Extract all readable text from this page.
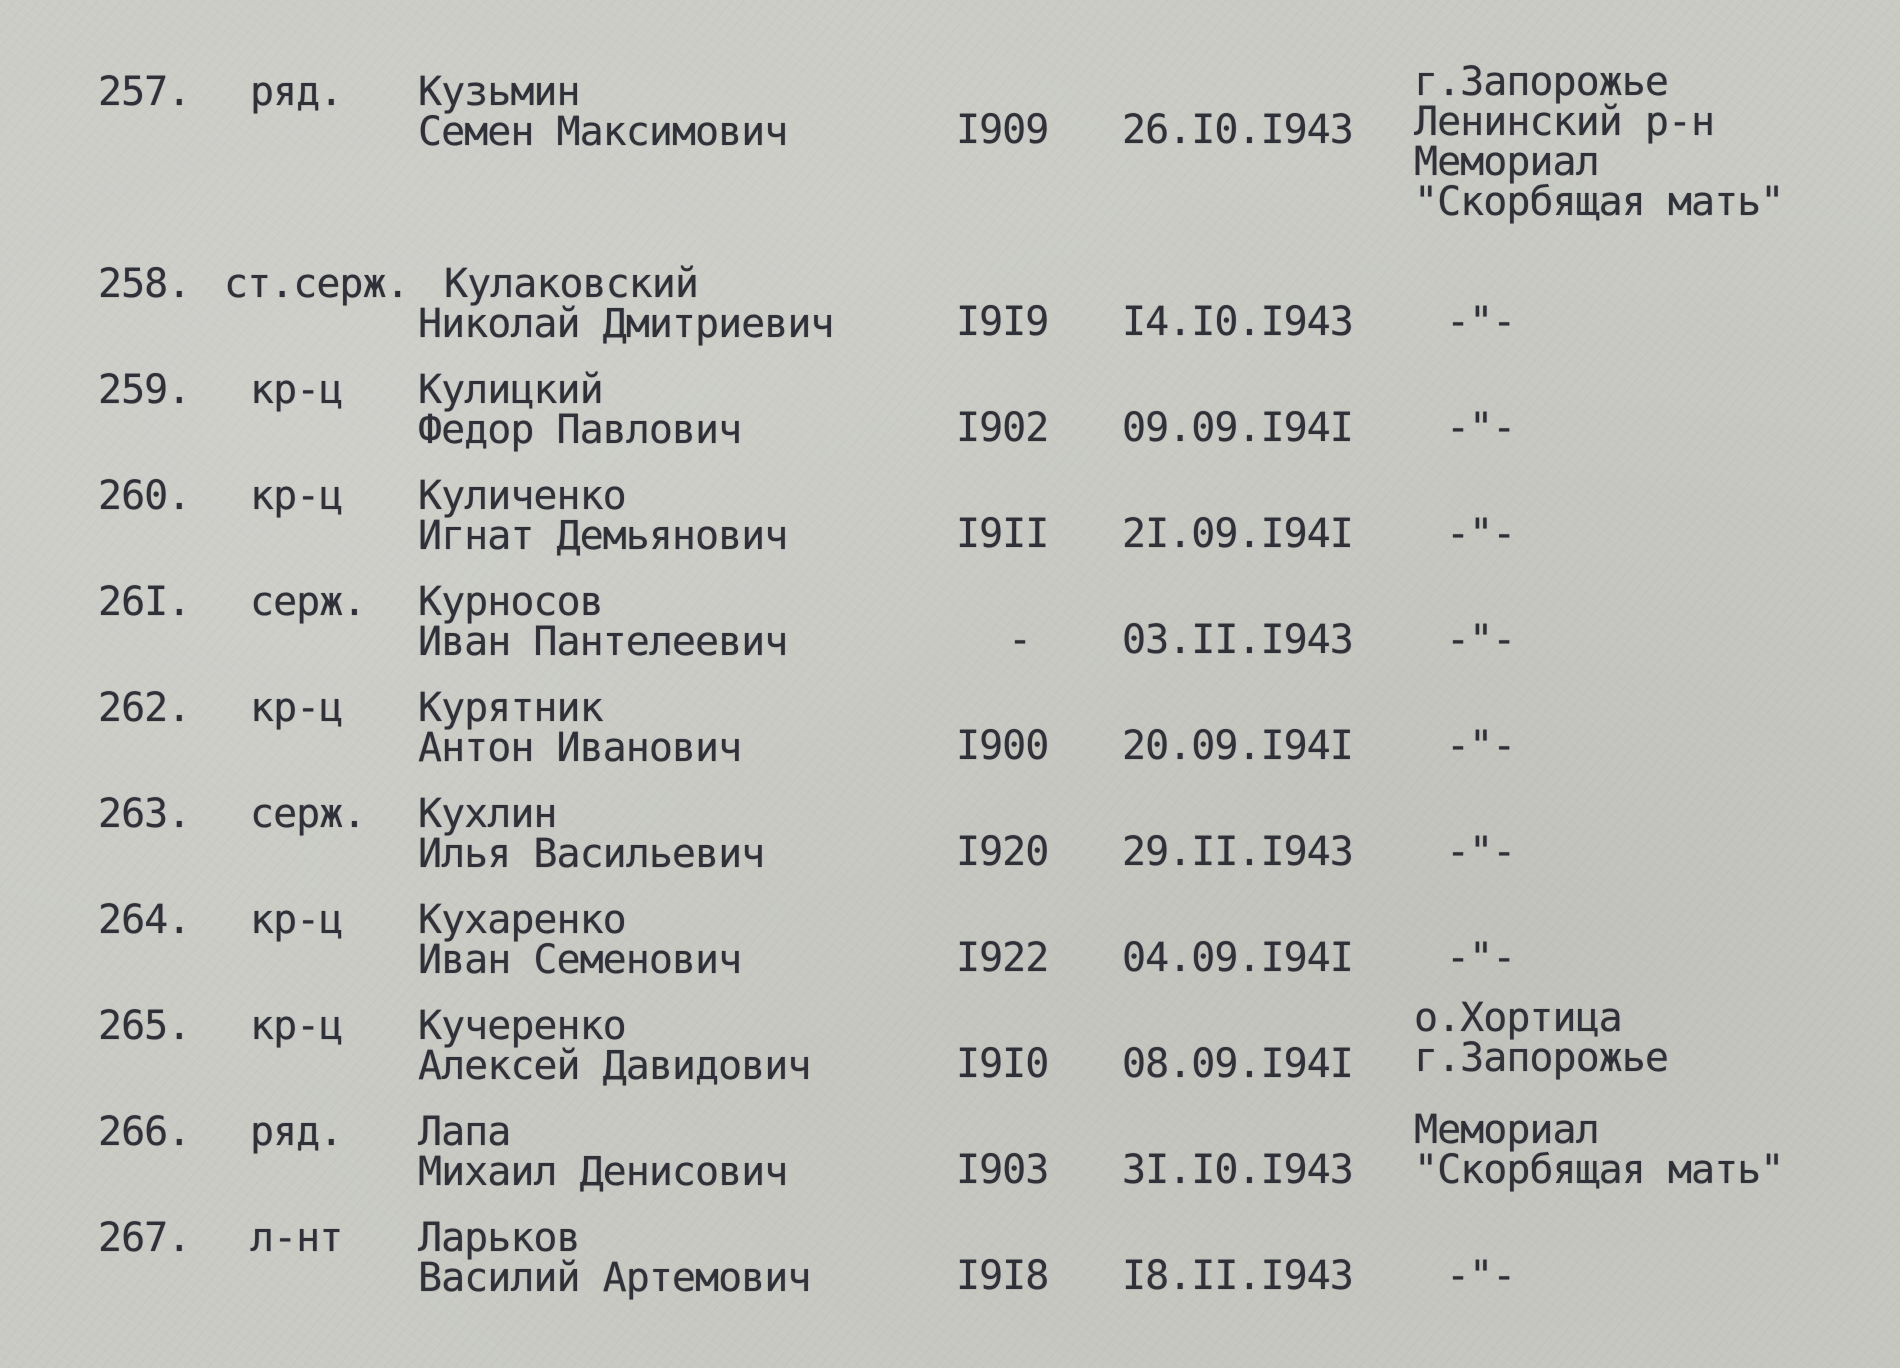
257. ряд. Кузьмин
Семен Максимович	I909 26.I0.I943
г.Запорожье
Ленинский р-н
Мемориал
"Скорбящая мать"
258. ст.серж. Кулаковский
Николай Дмитриевич	I9I9 I4.I0.I943 -"-
259. кр-ц Кулицкий
Федор Павлович	I902 09.09.I94I -"-
260. кр-ц Куличенко
Игнат Демьянович	I9II 2I.09.I94I -"-
26I. серж. Курносов
Иван Пантелеевич	- 03.II.I943 -"-
262. кр-ц Курятник
Антон Иванович	I900 20.09.I94I -"-
263. серж. Кухлин
Илья Васильевич	I920 29.II.I943 -"-
264. кр-ц Кухаренко
Иван Семенович	I922 04.09.I94I -"-
265. кр-ц Кучеренко
Алексей Давидович	I9I0 08.09.I94I
о.Хортица
г.Запорожье
266. ряд. Лапа
Михаил Денисович	I903 3I.I0.I943
Мемориал
"Скорбящая мать"
267. л-нт Ларьков
Василий Артемович	I9I8 I8.II.I943 -"-
